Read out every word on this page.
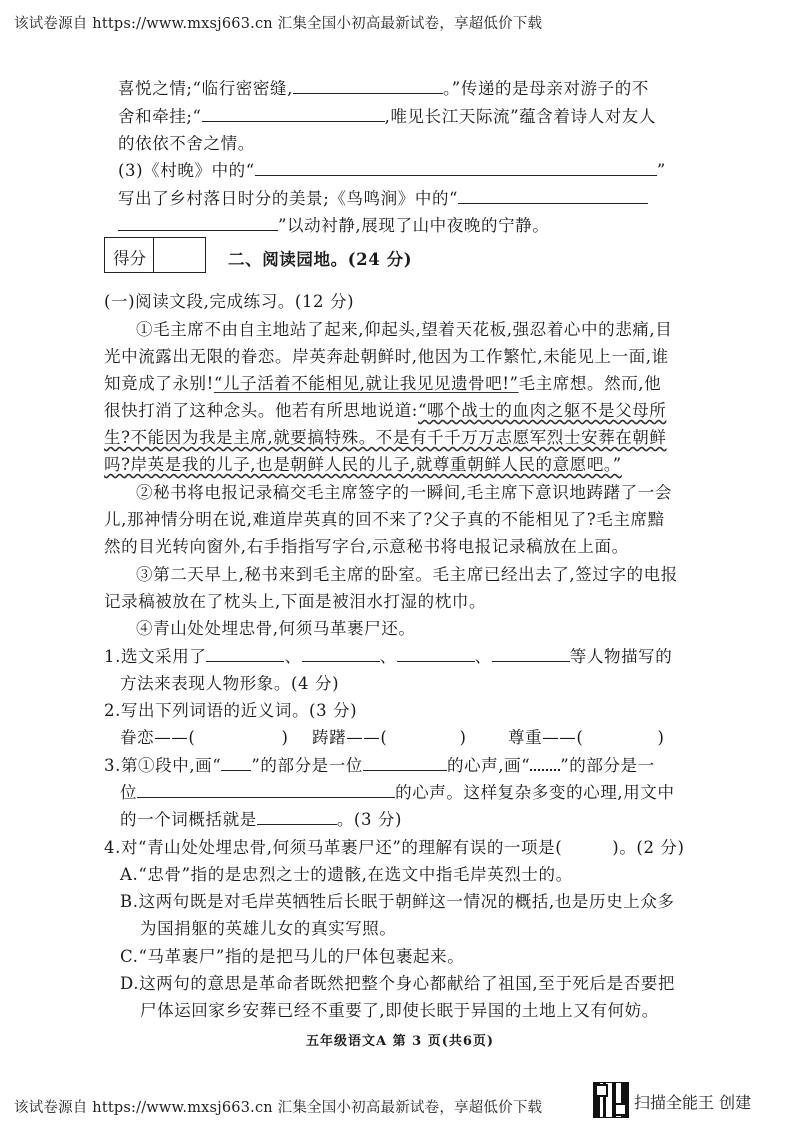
该试卷源自 https://www.mxsj663.cn 汇集全国小初高最新试卷，享超低价下载
喜悦之情;“临行密密缝,	。”传递的是母亲对游子的不
舍和牵挂;“	,唯见长江天际流”蕴含着诗人对友人
的依依不舍之情。
(3)《村晚》中的“	”
写出了乡村落日时分的美景;《鸟鸣涧》中的“
”以动衬静,展现了山中夜晚的宁静。
得分	二、阅读园地。(24 分)
(一)阅读文段,完成练习。(12 分)
①毛主席不由自主地站了起来,仰起头,望着天花板,强忍着心中的悲痛,目
光中流露出无限的眷恋。岸英奔赴朝鲜时,他因为工作繁忙,未能见上一面,谁
知竟成了永别!“儿子活着不能相见,就让我见见遗骨吧!”毛主席想。然而,他
很快打消了这种念头。他若有所思地说道:“哪个战士的血肉之躯不是父母所
生?不能因为我是主席,就要搞特殊。不是有千千万万志愿军烈士安葬在朝鲜
吗?岸英是我的儿子,也是朝鲜人民的儿子,就尊重朝鲜人民的意愿吧。”
②秘书将电报记录稿交毛主席签字的一瞬间,毛主席下意识地踌躇了一会
儿,那神情分明在说,难道岸英真的回不来了?父子真的不能相见了?毛主席黯
然的目光转向窗外,右手指指写字台,示意秘书将电报记录稿放在上面。
③第二天早上,秘书来到毛主席的卧室。毛主席已经出去了,签过字的电报
记录稿被放在了枕头上,下面是被泪水打湿的枕巾。
④青山处处埋忠骨,何须马革裹尸还。
1.选文采用了	、	、	、	等人物描写的
方法来表现人物形象。(4 分)
2.写出下列词语的近义词。(3 分)
眷恋——(	) 踌躇——(	)	尊重——(	)
3.第①段中,画“ ”的部分是一位	的心声,画“ ”的部分是一
位	的心声。这样复杂多变的心理,用文中
的一个词概括就是	。(3 分)
4.对“青山处处埋忠骨,何须马革裹尸还”的理解有误的一项是(	)。(2 分)
A.“忠骨”指的是忠烈之士的遗骸,在选文中指毛岸英烈士的。
B.这两句既是对毛岸英牺牲后长眠于朝鲜这一情况的概括,也是历史上众多
为国捐躯的英雄儿女的真实写照。
C.“马革裹尸”指的是把马儿的尸体包裹起来。
D.这两句的意思是革命者既然把整个身心都献给了祖国,至于死后是否要把
尸体运回家乡安葬已经不重要了,即使长眠于异国的土地上又有何妨。
五年级语文A 第 3 页(共6页)
该试卷源自 https://www.mxsj663.cn 汇集全国小初高最新试卷，享超低价下载	扫描全能王 创建
